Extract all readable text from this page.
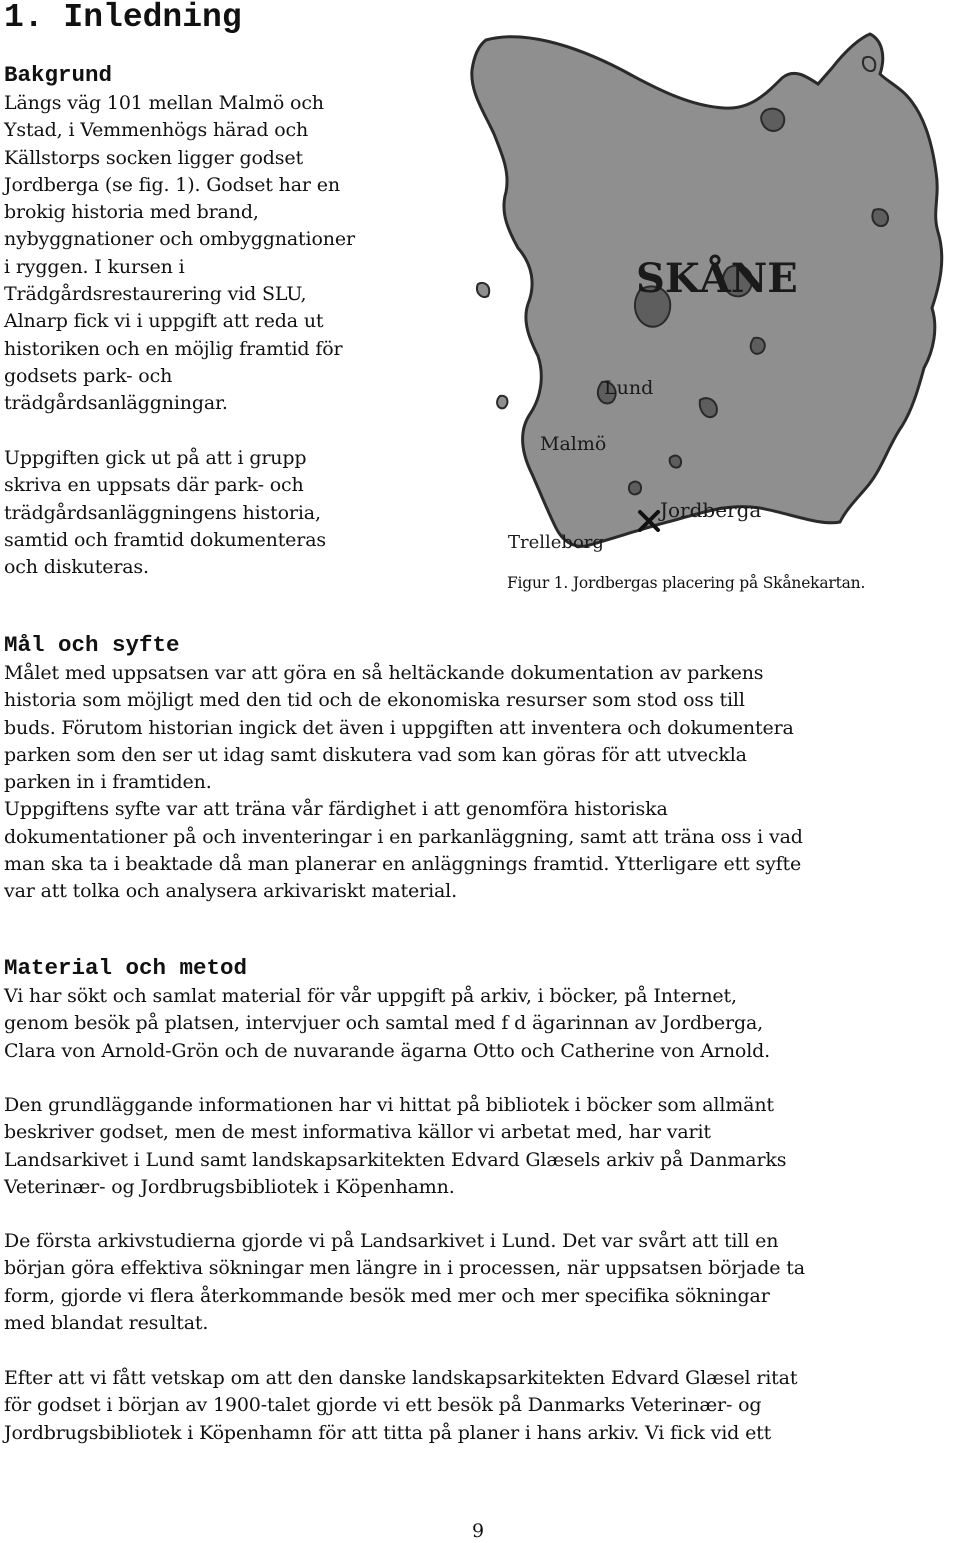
1. Inledning
Bakgrund
Längs väg 101 mellan Malmö och
Ystad, i Vemmenhögs härad och
Källstorps socken ligger godset
Jordberga (se fig. 1). Godset har en
brokig historia med brand,
nybyggnationer och ombyggnationer
i ryggen. I kursen i
Trädgårdsrestaurering vid SLU,
Alnarp fick vi i uppgift att reda ut
historiken och en möjlig framtid för
godsets park- och
trädgårdsanläggningar.
Uppgiften gick ut på att i grupp
skriva en uppsats där park- och
trädgårdsanläggningens historia,
samtid och framtid dokumenteras
och diskuteras.
SKÅNE
Lund
Malmö
Jordberga
Trelleborg
Figur 1. Jordbergas placering på Skånekartan.
Mål och syfte
Målet med uppsatsen var att göra en så heltäckande dokumentation av parkens
historia som möjligt med den tid och de ekonomiska resurser som stod oss till
buds. Förutom historian ingick det även i uppgiften att inventera och dokumentera
parken som den ser ut idag samt diskutera vad som kan göras för att utveckla
parken in i framtiden.
Uppgiftens syfte var att träna vår färdighet i att genomföra historiska
dokumentationer på och inventeringar i en parkanläggning, samt att träna oss i vad
man ska ta i beaktade då man planerar en anläggnings framtid. Ytterligare ett syfte
var att tolka och analysera arkivariskt material.
Material och metod
Vi har sökt och samlat material för vår uppgift på arkiv, i böcker, på Internet,
genom besök på platsen, intervjuer och samtal med f d ägarinnan av Jordberga,
Clara von Arnold-Grön och de nuvarande ägarna Otto och Catherine von Arnold.
Den grundläggande informationen har vi hittat på bibliotek i böcker som allmänt
beskriver godset, men de mest informativa källor vi arbetat med, har varit
Landsarkivet i Lund samt landskapsarkitekten Edvard Glæsels arkiv på Danmarks
Veterinær- og Jordbrugsbibliotek i Köpenhamn.
De första arkivstudierna gjorde vi på Landsarkivet i Lund. Det var svårt att till en
början göra effektiva sökningar men längre in i processen, när uppsatsen började ta
form, gjorde vi flera återkommande besök med mer och mer specifika sökningar
med blandat resultat.
Efter att vi fått vetskap om att den danske landskapsarkitekten Edvard Glæsel ritat
för godset i början av 1900-talet gjorde vi ett besök på Danmarks Veterinær- og
Jordbrugsbibliotek i Köpenhamn för att titta på planer i hans arkiv. Vi fick vid ett
9
